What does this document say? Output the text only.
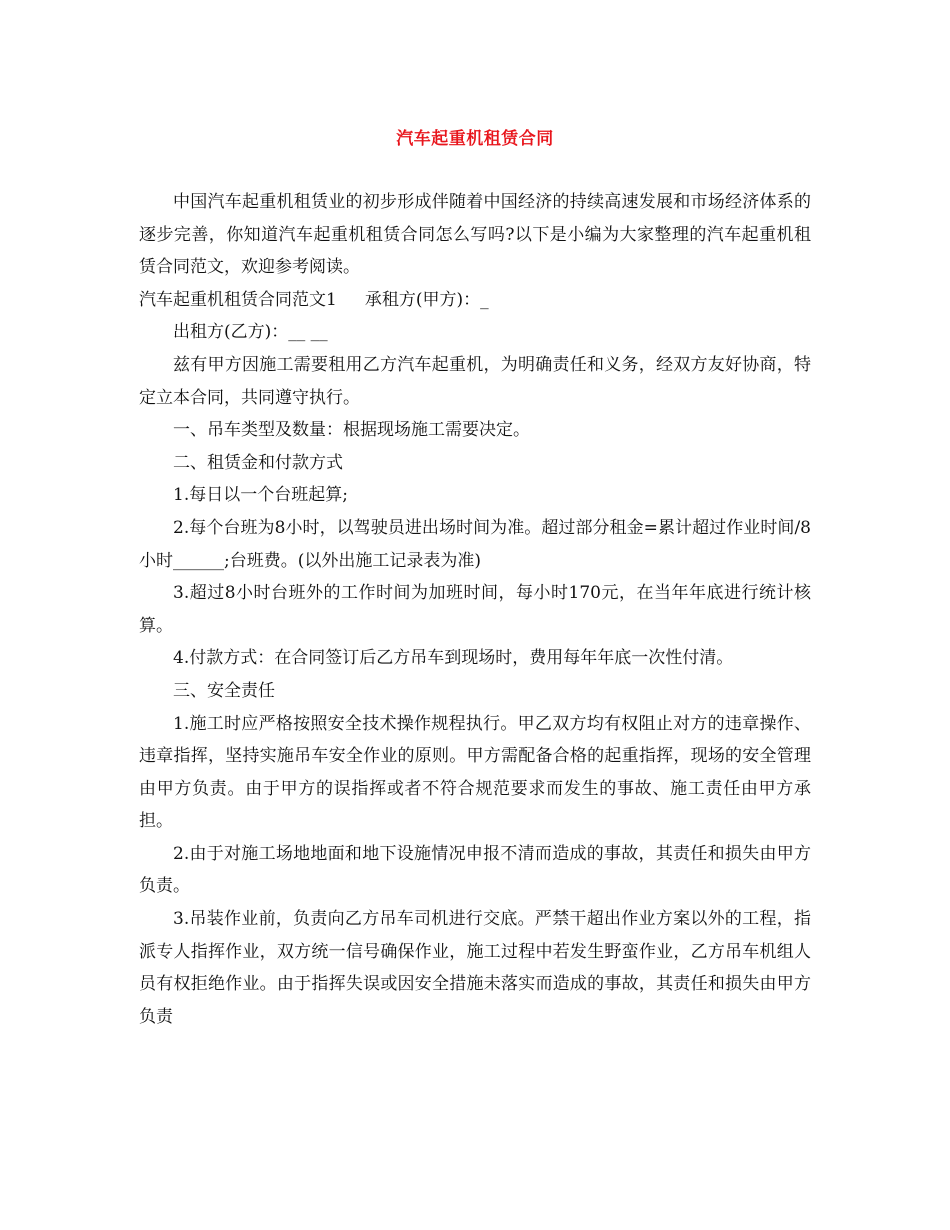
汽车起重机租赁合同

中国汽车起重机租赁业的初步形成伴随着中国经济的持续高速发展和市场经济体系的逐步完善，你知道汽车起重机租赁合同怎么写吗?以下是小编为大家整理的汽车起重机租赁合同范文，欢迎参考阅读。

汽车起重机租赁合同范文1 承租方(甲方)：_

出租方(乙方)：__ __

兹有甲方因施工需要租用乙方汽车起重机，为明确责任和义务，经双方友好协商，特定立本合同，共同遵守执行。

一、吊车类型及数量：根据现场施工需要决定。

二、租赁金和付款方式

1.每日以一个台班起算;

2.每个台班为8小时，以驾驶员进出场时间为准。超过部分租金=累计超过作业时间/8小时______;台班费。(以外出施工记录表为准)

3.超过8小时台班外的工作时间为加班时间，每小时170元，在当年年底进行统计核算。

4.付款方式：在合同签订后乙方吊车到现场时，费用每年年底一次性付清。

三、安全责任

1.施工时应严格按照安全技术操作规程执行。甲乙双方均有权阻止对方的违章操作、违章指挥，坚持实施吊车安全作业的原则。甲方需配备合格的起重指挥，现场的安全管理由甲方负责。由于甲方的误指挥或者不符合规范要求而发生的事故、施工责任由甲方承担。

2.由于对施工场地地面和地下设施情况申报不清而造成的事故，其责任和损失由甲方负责。

3.吊装作业前，负责向乙方吊车司机进行交底。严禁干超出作业方案以外的工程，指派专人指挥作业，双方统一信号确保作业，施工过程中若发生野蛮作业，乙方吊车机组人员有权拒绝作业。由于指挥失误或因安全措施未落实而造成的事故，其责任和损失由甲方负责
